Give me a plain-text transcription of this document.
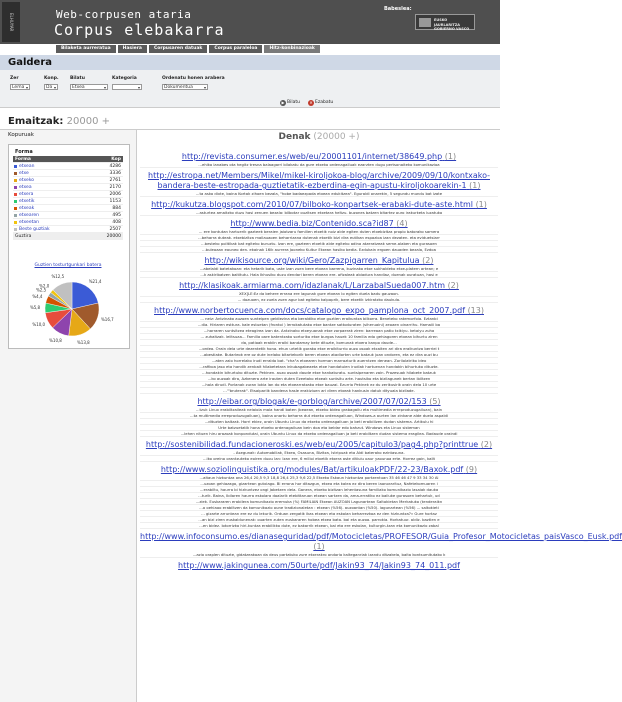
ELHUYAR	Web-corpusen ataria
Corpus elebakarra
Babeslea:
EUSKO JAURLARITZA GOBIERNO VASCO
Bilaketa aurreratua	Hasiera	Corpusaren datuak	Corpus paraleloa	Hitz-konbinazioak
Galdera
Zer
Lema ▾
Konp.
Da ▾
Bilatu
Etxea ▾
Kategoria
▾	Ordenatu honen arabera
Dokumentua ▾
▶ Bilatu	✕ Ezabatu
Emaitzak: 20000 +
Kopuruak
Forma
Forma	Kop
etxean	4286
etxe	3336
etxeko	2761
etxea	2170
etxera	2006
etxetik	1153
etxeak	884
etxearen	495
etxeetan	408
Beste guztiak	2507
Guztira	20000
Guztien tosturtgunkari batera
%21,4
%16,7
%13,8
%10,8
%10,0
%5,8
%4,4
%2,5
%2,0
%12,5
Denak (20000 +)
http://revista.consumer.es/web/eu/20001101/internet/38649.php (1)
...ehiko lanabes ota hegitz tresna balaagarri bilakatu da gure etxeko ordenagailuak ezarzten dugu pertsonaiteko komunikazioa
http://estropa.net/Members/Mikel/mikel-kiroljokoa-blog/archive/2009/09/10/kontxako-bandera-beste-estropada-guztietatik-ezberdina-egin-apustu-kiroljokoarekin-1 (1)
...ta asko dixte, baina Kortak zihoen bezala, "hobe badaezpada etxean edukitzea". Eguraldi onarekin, 5 segundu mundu bat izate
http://kukutza.blogspot.com/2010/07/bilboko-konpartsek-erabaki-dute-aste.html (1)
...asturtea amaitzko duzu hasi zenuen bezala: bilbotar ouzitsen etxetara heltzu. buzones batzen bitartez ouro irakurketa luzatuko
http://www.bedia.biz/Contenido.sca?id87 (4)
... ere kontutan hartuerik gazteek beraien jaiotzaru familien etxetik noiz alde egiten duten etxebizitza propio batorako samera
...beharra duteak. etxebizitza mailauaoen beharrizana dutenak etxetik bizi dira eutikan espazioa izan dezaten. eta eviduetsiarr
...besteko politikak bat egiteko buruztu. Izan ere, gazteen etxetik alde egiteko adina atzeratzeak seme-alaben eta gurasoen
...buleoaan eouneo den. ekainak 16ik aurrera Jooneko Kultur Etxean hasiko bedia. Ezdukain ergoen dauaden bezala, Ezdoa
http://wikisource.org/wiki/Gero/Zazpigarren_Kapitulua (2)
...abelaldi batetakoan: eta hetarik bata, uste izan zuen bere etxean barrena, kuzinako etxe sukhaldeko etxe-platern artean; e
...k askiribatzen baititutu. Hala Ikhusiko duzu dendari beren etxean ere. ofizaleak abiadura handiaz, duenak ouratuan, hasi e
http://klasikoak.armiarma.com/idazlanak/L/LarzabalSueda007.htm (2)
XEX]LE:Ez da behere errana ere lagunak gure etxean lo egiten duela badu gauzaon.
... dozuoen, ez zuela zuen agur bat egiteko kalpoprik, bere etxetik izkiratzko daukula.
http://www.norbertocuenca.com/docs/catalogo_expo_pamplona_oct_2007.pdf (13)
... neiz: Antzinako auzoen sunteipen geldiezina eta beraldiko etxe guztien eraikuntza bilkorra. Beneteko ratemorfoia. Eztanbi
...dia. Hiriaren esttura. kale estuetan (frontoi ) lerrokatutako etxe bantze sattoduraten (siheruaini) zeoaen oinarrihu. Hamaiii ba
...harraren suntsitzea eteagirea izan da. Antzinako etxeyuanak etxe zorpaerak ziren: barreaan patio txikiyu. ketaiyu zuha
... zuhaitzak. leiitsuaa... Familia oare batentzako sorturiko etxe burgos hauek 10 familia edo gehiagoren etxean bihurtu ziren
da, patioak erakiin eraiki bandamay bete dituzte, komunak etxera kanpo daude...
...ordea. Orain dela urte dezentetik hona. ehun urtetik gorako etxe eraikiturrio auzo osoak etxaiten ari dira eraikuntza berriei t
...abestiake. Butarleok ere oz dute inelako bitartekorik beren etxean atadiorten urte batzuk joan ondoren, eta ez dira ouzi bu
...aten zaio horrelako irudi erraldo bat. "cha"a etxearen horman marrazturik auerntzen denean. Zoriiolatriko ideo
...rafikoa jaso eta handik zenbait hilabetetara inkubagabeaeta etxe hondatuien irudiak hartuenan hondakin bihurtuko dituzte.
...hondakin bihurtuko dituzte. Pekinen. auzo osoak daude etxe hankaturatu. suntsipenaren zain. Prozesuak hilabete batzuk
...ko auzoak dira, Azkenera arte irauten duten Ezeetako etxeak suntsitu arte. hautsiko eta bizilagunek bertan ibiltzen
...hala dirudi. Porlanak zuran lokia lan do eta etxearratzako etxe bauzai. Ezurrio Pekinek ez du zerikusirik orain dela 10 urte
...'"bruterak". Etsaipariik bandena hasle erakiziuen ari diren etxeak hankusin datuk dityuala bizilade.
http://eibar.org/blogak/e-gorblog/archive/2007/07/02/153 (5)
...tzuk Linux erabiltzaileak neiaiola mala handi baten (beaean, etxeko bideo grabagailu eta multimedia erreproduzugailuan), bain
...ta multimedia erreproduzugailuan), baina onartu beharra dut etxeko ordenagailuan, Windows-a aurten lan zinkane alde duela aspaldi
...dituzten baltzak. Horri ekiez, orain Ubuntu Linux da etxeko ordenagailuan ja beti eraiblilzen dudan sistema. Artikulu hi
Urte batzuetatik hona etxeko ordenagailuan bein doa eta beldar edo bahzut. Windows eta Linux sisteman
...lehen nituen hiru arazoak konpondutai, orain Ubuntu Linux da etxeko ordenagailuan ja beti erabiltzen dudan sistema eragilea. Badaude oraindi
http://sostenibilidad.fundacioneroski.es/web/eu/2005/capitulo3/pag4.php?printtrue (2)
- Asegunak: Automobiliak, Etxea, Osasuna, Bizitza, Istripuak eta Aldi baterako ezintasuna.
...iko oreino orantzuteko eoiren duou lan: Izan ere, 6 milioi etxetik etxera aste ditiuiu oaur yaounoa erte. Horrez gain, kalit
http://www.soziolinguistika.org/modules/Bat/artikuloakPDF/22-23/Baxok.pdf (9)
...aitaun hizkuntza ona 26,4 20,5 9,3 18,8 26,4 25,3 9,6 22,5 Etxeko Eskaun hizkuntza portzentuan 35 46 46 47 9 33 34 30 Al
...uzoan gehiazago, gizartean gutxiago. Bi errona hor ditazgun, etxea eta kalea ez dira beren iaonorarituz, Nafetekomuaren i
...erabiltu, haurra bi hizkuntzez ongi Jabetzen dela. Ganera, etxeko bizitzan lehentasuna familiako komunikazio lasaiak dauka
...turik. Baina, Ibilaren haurra eskolara doalarik etebittaruan etxean sartzen da, ama-erratiko ez bailuke gurasoen behartuk, ud
...ziek. Euskararen erabilera komunikazio eremuka (%) FAMILIAN Etxean AUZOAN Lagunartean Saltokietan Merkatuko (tenderaikn
...o oehiaoo erabiltzen da komunikazio oune tradizionaletan : etxean (%56). auzoantan (%50). lagunartean (%56) ... saltokieti
... gizarte arruntean ere ez du lekurik. Orduan zergatik ikas etxean eta eskolan beharrezkoa ez den hizkuntza?» Gure hortaz
...an bizi ziren euskaldunenak: ouarten zuten euskararen hobea etxea bata. bai eta auzoa. parrokia. Horkatuur. aldiz. baztlen e
...en bidez. Iotorrizko hiri-kuntza erabilikko dute, ez bakarrik etxean, bai eta ere eskolan, kulturgin-tzan eta komunikazio zabal
http://www.infoconsumo.es/dianaseguridad/pdf/Motocicletas/PROFESOR/Guia_Profesor_Motocicletas_paisVasco_Eusk.pdf (1)
...azio oraplen dituzte, gidatzeakoan da deus partatuko zure etxerakro ondorio kalteganriak izandu ditzakela, baita kontsumitutako k
http://www.jakingunea.com/50urte/pdf/Jakin93_74/Jakin93_74_011.pdf
